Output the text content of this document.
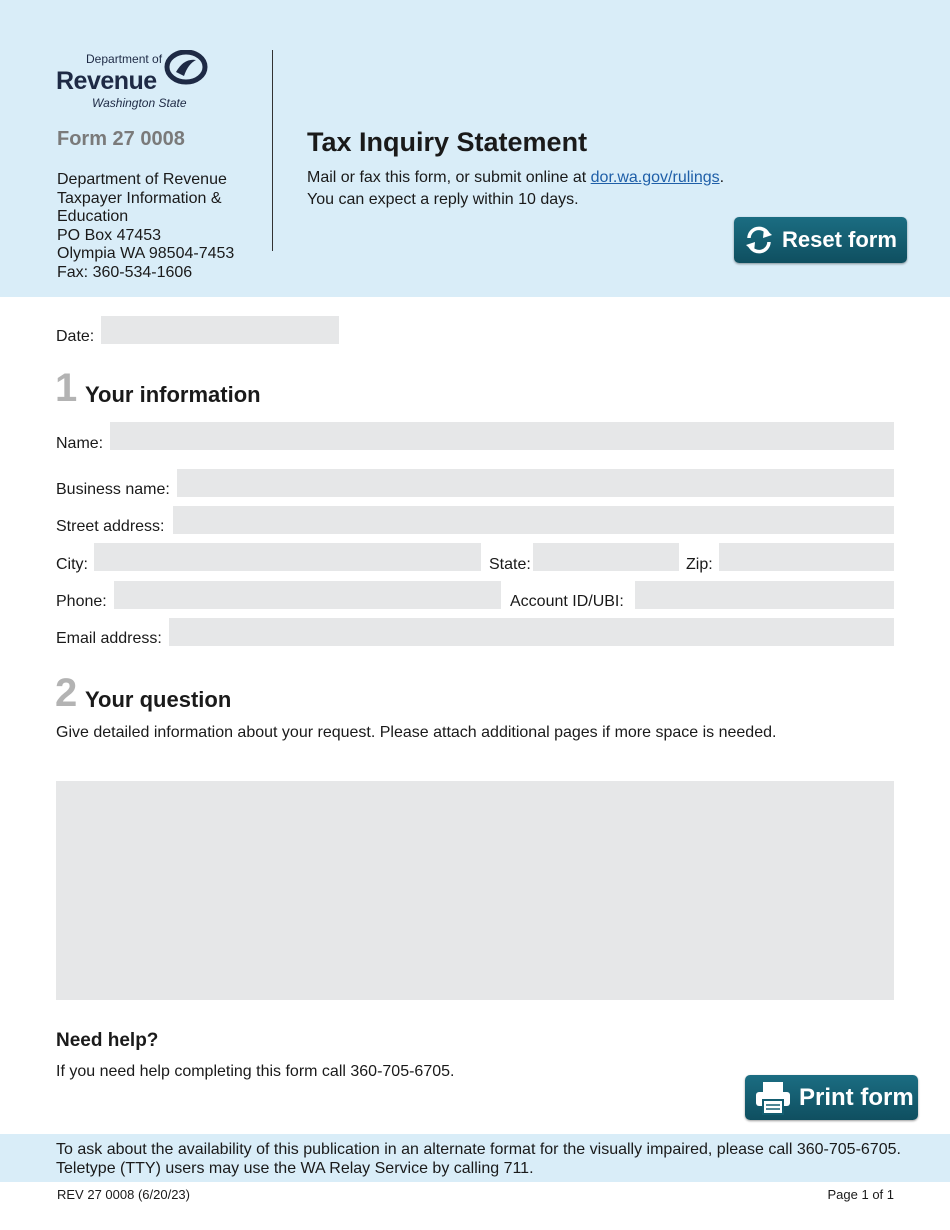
Department of
Revenue
Washington State
Form 27 0008
Department of Revenue
Taxpayer Information &
Education
PO Box 47453
Olympia WA 98504-7453
Fax: 360-534-1606
Tax Inquiry Statement
Mail or fax this form, or submit online at dor.wa.gov/rulings.
You can expect a reply within 10 days.
Reset form
Date:
1 Your information
Name:
Business name:
Street address:
City:	State:	Zip:
Phone:	Account ID/UBI:
Email address:
2 Your question
Give detailed information about your request. Please attach additional pages if more space is needed.
Need help?
If you need help completing this form call 360-705-6705.
Print form

To ask about the availability of this publication in an alternate format for the visually impaired, please call 360-705-6705. Teletype (TTY) users may use the WA Relay Service by calling 711.

REV 27 0008 (6/20/23)	Page 1 of 1
